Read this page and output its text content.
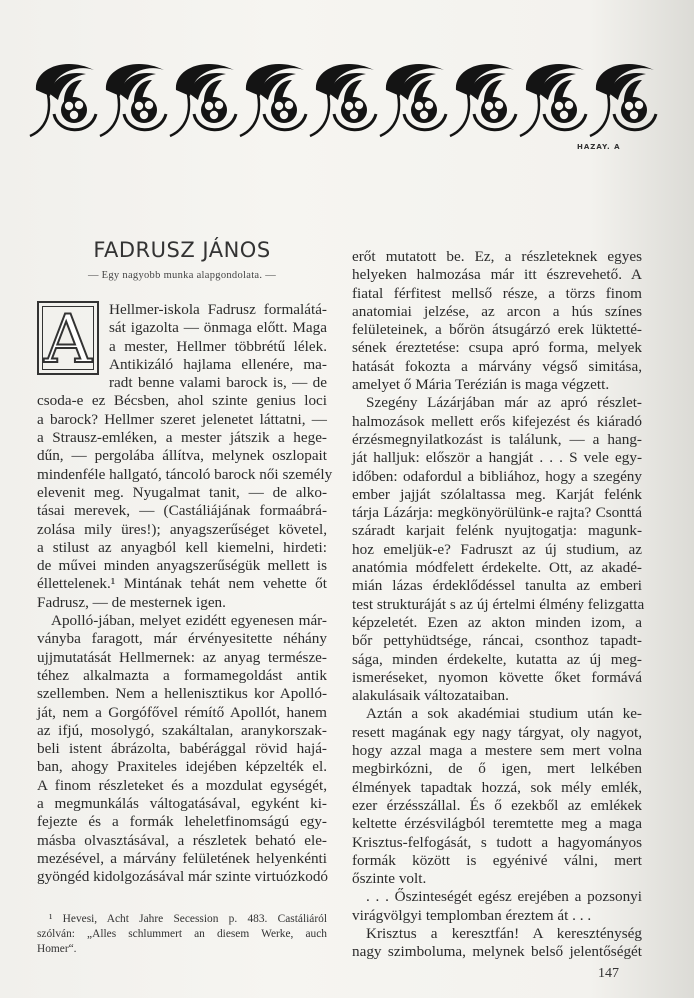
HAZAY. A
FADRUSZ JÁNOS
— Egy nagyobb munka alapgondolata. —
A	Hellmer-iskola Fadrusz formalátá-
sát igazolta — önmaga előtt. Maga
a mester, Hellmer többrétű lélek.
Antikizáló hajlama ellenére, ma-
radt benne valami barock is, — de
csoda-e ez Bécsben, ahol szinte genius loci
a barock? Hellmer szeret jelenetet láttatni, —
a Strausz-emléken, a mester játszik a hege-
dűn, — pergolába állítva, melynek oszlopait
mindenféle hallgató, táncoló barock női személy
elevenit meg. Nyugalmat tanit, — de alko-
tásai merevek, — (Castáliájának formaábrá-
zolása mily üres!); anyagszerűséget követel,
a stilust az anyagból kell kiemelni, hirdeti:
de művei minden anyagszerűségük mellett is
éllettelenek.¹ Mintának tehát nem vehette őt
Fadrusz, — de mesternek igen.
Apolló-jában, melyet ezidétt egyenesen már-
ványba faragott, már érvényesitette néhány
ujjmutatását Hellmernek: az anyag természe-
téhez alkalmazta a formamegoldást antik
szellemben. Nem a hellenisztikus kor Apolló-
ját, nem a Gorgófővel rémítő Apollót, hanem
az ifjú, mosolygó, szakáltalan, aranykorszak-
beli istent ábrázolta, babérággal rövid hajá-
ban, ahogy Praxiteles idejében képzelték el.
A finom részleteket és a mozdulat egységét,
a megmunkálás váltogatásával, egyként ki-
fejezte és a formák leheletfinomságú egy-
másba olvasztásával, a részletek beható ele-
mezésével, a márvány felületének helyenkénti
gyöngéd kidolgozásával már szinte virtuózkodó
erőt mutatott be. Ez, a részleteknek egyes
helyeken halmozása már itt észrevehető. A
fiatal férfitest mellső része, a törzs finom
anatomiai jelzése, az arcon a hús színes
felületeinek, a bőrön átsugárzó erek lüktetté-
sének éreztetése: csupa apró forma, melyek
hatását fokozta a márvány végső simitása,
amelyet ő Mária Terézián is maga végzett.
Szegény Lázárjában már az apró részlet-
halmozások mellett erős kifejezést és kiáradó
érzésmegnyilatkozást is találunk, — a hang-
ját halljuk: először a hangját . . . S vele egy-
időben: odafordul a bibliához, hogy a szegény
ember jajját szólaltassa meg. Karját felénk
tárja Lázárja: megkönyörülünk-e rajta? Csonttá
száradt karjait felénk nyujtogatja: magunk-
hoz emeljük-e? Fadruszt az új studium, az
anatómia módfelett érdekelte. Ott, az akadé-
mián lázas érdeklődéssel tanulta az emberi
test strukturáját s az új értelmi élmény felizgatta
képzeletét. Ezen az akton minden izom, a
bőr pettyhüdtsége, ráncai, csonthoz tapadt-
sága, minden érdekelte, kutatta az új meg-
ismeréseket, nyomon követte őket formává
alakulásaik változataiban.
Aztán a sok akadémiai studium után ke-
resett magának egy nagy tárgyat, oly nagyot,
hogy azzal maga a mestere sem mert volna
megbirkózni, de ő igen, mert lelkében
élmények tapadtak hozzá, sok mély emlék,
ezer érzésszállal. És ő ezekből az emlékek
keltette érzésvilágból teremtette meg a maga
Krisztus-felfogását, s tudott a hagyományos
formák között is egyénivé válni, mert
őszinte volt.
. . . Őszinteségét egész erejében a pozsonyi
virágvölgyi templomban éreztem át . . .
Krisztus a keresztfán! A kereszténység
nagy szimboluma, melynek belső jelentőségét
¹ Hevesi, Acht Jahre Secession p. 483. Castáliáról
szólván: „Alles schlummert an diesem Werke, auch
Homer“.
147
